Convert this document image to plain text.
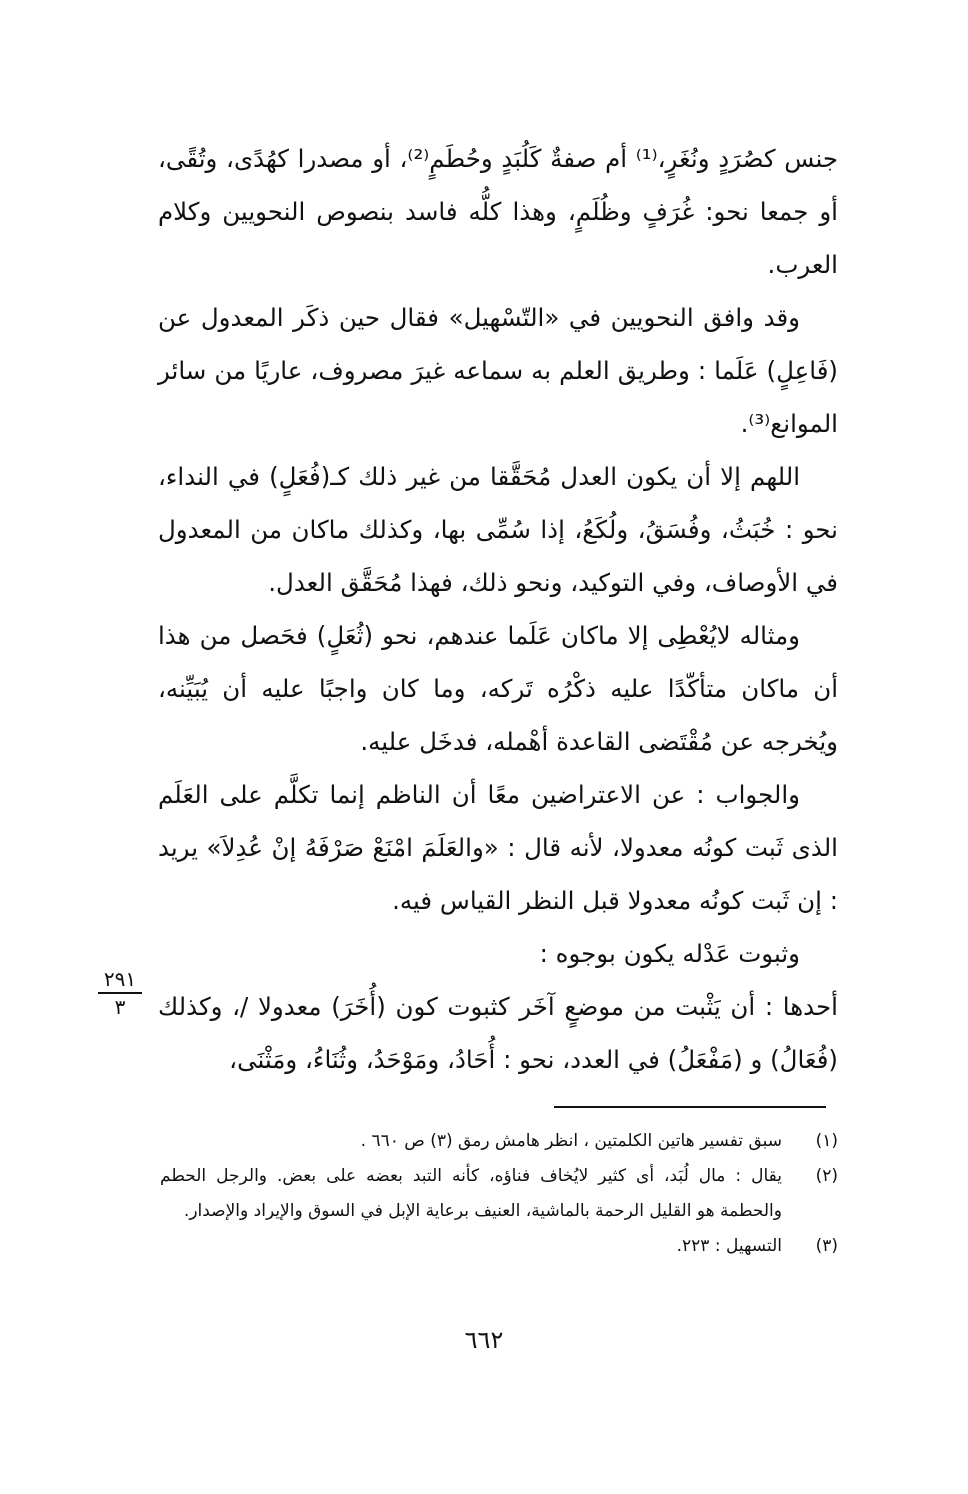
جنس كصُرَدٍ ونُغَرٍ،⁽¹⁾ أم صفةٌ كَلُبَدٍ وحُطَمٍ⁽²⁾، أو مصدرا كهُدًى، وتُقًى، أو جمعا نحو: غُرَفٍ وظُلَمٍ، وهذا كلُّه فاسد بنصوص النحويين وكلام العرب.

وقد وافق النحويين في «التّسْهيل» فقال حين ذكَر المعدول عن (فَاعِلٍ) عَلَما : وطريق العلم به سماعه غيرَ مصروف، عاريًا من سائر الموانع⁽³⁾.

اللهم إلا أن يكون العدل مُحَقَّقا من غير ذلك كـ(فُعَلٍ) في النداء، نحو : خُبَثُ، وفُسَقُ، ولُكَعُ، إذا سُمِّى بها، وكذلك ماكان من المعدول في الأوصاف، وفي التوكيد، ونحو ذلك، فهذا مُحَقَّق العدل.

ومثاله لايُعْطِى إلا ماكان عَلَما عندهم، نحو (ثُعَلٍ) فحَصل من هذا أن ماكان متأكّدًا عليه ذكْرُه تَركه، وما كان واجبًا عليه أن يُبَيِّنه، ويُخرجه عن مُقْتَضى القاعدة أهْمله، فدخَل عليه.

والجواب : عن الاعتراضين معًا أن الناظم إنما تكلَّم على العَلَم الذى ثَبت كونُه معدولا، لأنه قال : «والعَلَمَ امْنَعْ صَرْفَهُ إنْ عُدِلاَ» يريد : إن ثَبت كونُه معدولا قبل النظر القياس فيه.

وثبوت عَدْله يكون بوجوه :

أحدها : أن يَثْبت من موضعٍ آخَر كثبوت كون (أُخَرَ) معدولا /، وكذلك (فُعَالُ) و (مَفْعَلُ) في العدد، نحو : أُحَادُ، ومَوْحَدُ، وثُنَاءُ، ومَثْنَى،

٢٩١
٣
(١)
سبق تفسير هاتين الكلمتين ، انظر هامش رمق (٣) ص ٦٦٠ .
(٢)
يقال : مال لُبَد، أى كثير لايُخاف فناؤه، كأنه التبد بعضه على بعض. والرجل الحطم والحطمة هو القليل الرحمة بالماشية، العنيف برعاية الإبل في السوق والإيراد والإصدار.
(٣)
التسهيل : ٢٢٣.
٦٦٢
